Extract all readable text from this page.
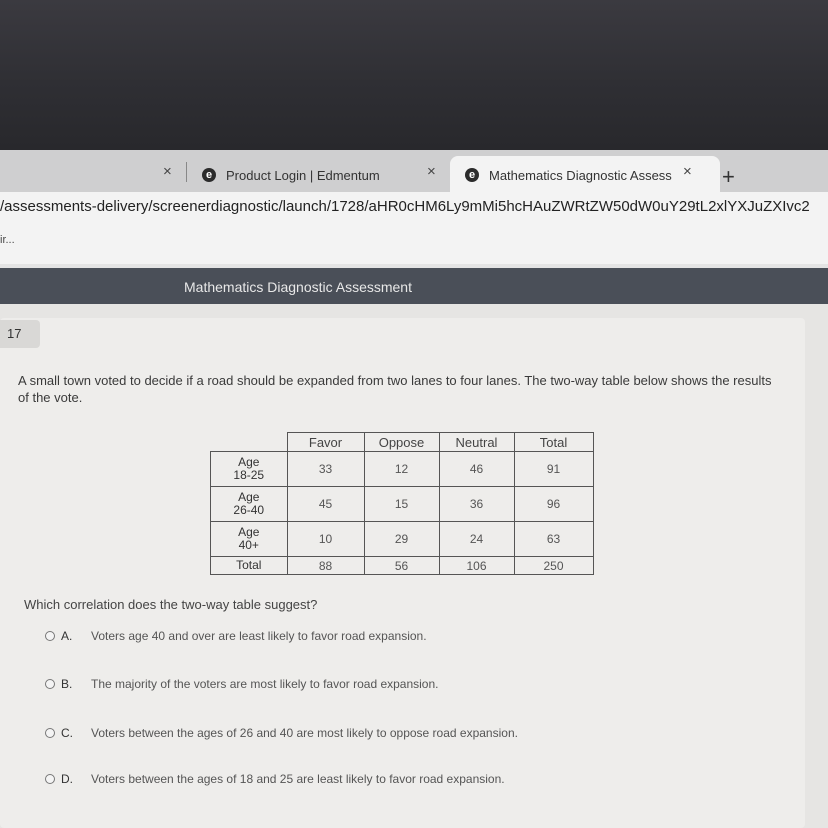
×	e	Product Login | Edmentum	×	e	Mathematics Diagnostic Assess × +
/assessments-delivery/screenerdiagnostic/launch/1728/aHR0cHM6Ly9mMi5hcHAuZWRtZW50dW0uY29tL2xlYXJuZXIvc2
ir...
Mathematics Diagnostic Assessment
17
A small town voted to decide if a road should be expanded from two lanes to four lanes. The two-way table below shows the results of the vote.
	Favor	Oppose	Neutral	Total
Age
18-25	33	12	46	91
Age
26-40	45	15	36	96
Age
40+	10	29	24	63
Total	88	56	106	250
Which correlation does the two-way table suggest?
A.	Voters age 40 and over are least likely to favor road expansion.
B.	The majority of the voters are most likely to favor road expansion.
C.	Voters between the ages of 26 and 40 are most likely to oppose road expansion.
D.	Voters between the ages of 18 and 25 are least likely to favor road expansion.
